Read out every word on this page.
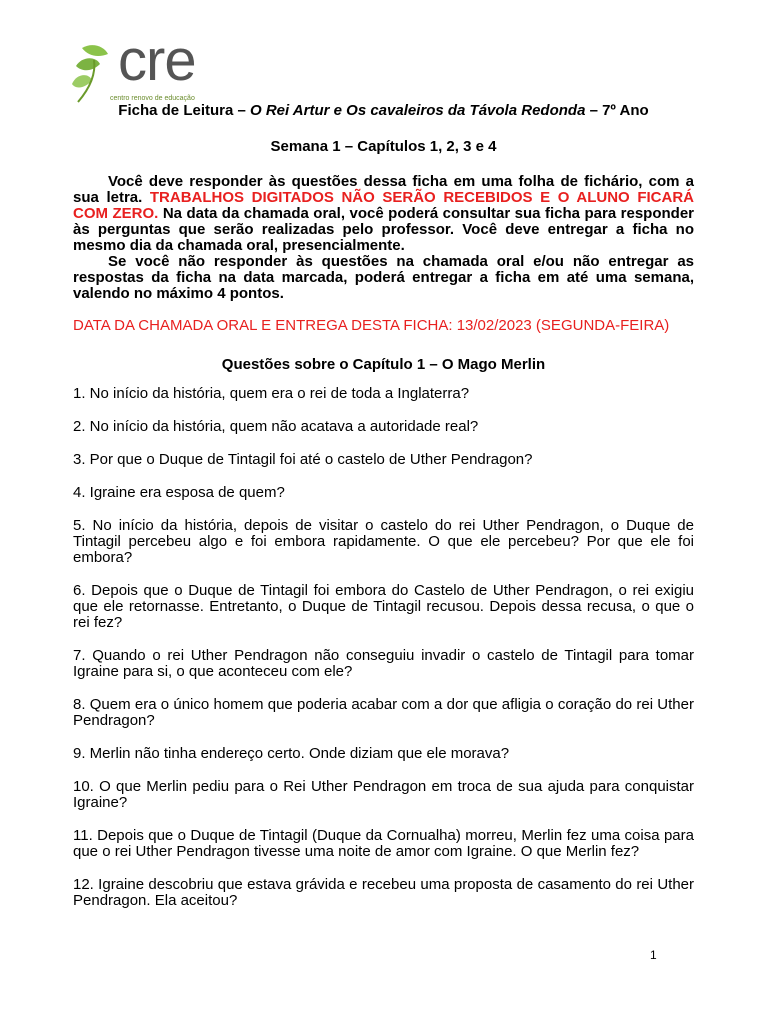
cre
centro renovo de educação

Ficha de Leitura – O Rei Artur e Os cavaleiros da Távola Redonda – 7º Ano

Semana 1 – Capítulos 1, 2, 3 e 4

Você deve responder às questões dessa ficha em uma folha de fichário, com a sua letra. TRABALHOS DIGITADOS NÃO SERÃO RECEBIDOS E O ALUNO FICARÁ COM ZERO. Na data da chamada oral, você poderá consultar sua ficha para responder às perguntas que serão realizadas pelo professor. Você deve entregar a ficha no mesmo dia da chamada oral, presencialmente.

Se você não responder às questões na chamada oral e/ou não entregar as respostas da ficha na data marcada, poderá entregar a ficha em até uma semana, valendo no máximo 4 pontos.

DATA DA CHAMADA ORAL E ENTREGA DESTA FICHA: 13/02/2023 (SEGUNDA-FEIRA)

Questões sobre o Capítulo 1 – O Mago Merlin

1. No início da história, quem era o rei de toda a Inglaterra?
2. No início da história, quem não acatava a autoridade real?
3. Por que o Duque de Tintagil foi até o castelo de Uther Pendragon?
4. Igraine era esposa de quem?
5. No início da história, depois de visitar o castelo do rei Uther Pendragon, o Duque de Tintagil percebeu algo e foi embora rapidamente. O que ele percebeu? Por que ele foi embora?
6. Depois que o Duque de Tintagil foi embora do Castelo de Uther Pendragon, o rei exigiu que ele retornasse. Entretanto, o Duque de Tintagil recusou. Depois dessa recusa, o que o rei fez?
7. Quando o rei Uther Pendragon não conseguiu invadir o castelo de Tintagil para tomar Igraine para si, o que aconteceu com ele?
8. Quem era o único homem que poderia acabar com a dor que afligia o coração do rei Uther Pendragon?
9. Merlin não tinha endereço certo. Onde diziam que ele morava?
10. O que Merlin pediu para o Rei Uther Pendragon em troca de sua ajuda para conquistar Igraine?
11. Depois que o Duque de Tintagil (Duque da Cornualha) morreu, Merlin fez uma coisa para que o rei Uther Pendragon tivesse uma noite de amor com Igraine. O que Merlin fez?
12. Igraine descobriu que estava grávida e recebeu uma proposta de casamento do rei Uther Pendragon. Ela aceitou?
1
